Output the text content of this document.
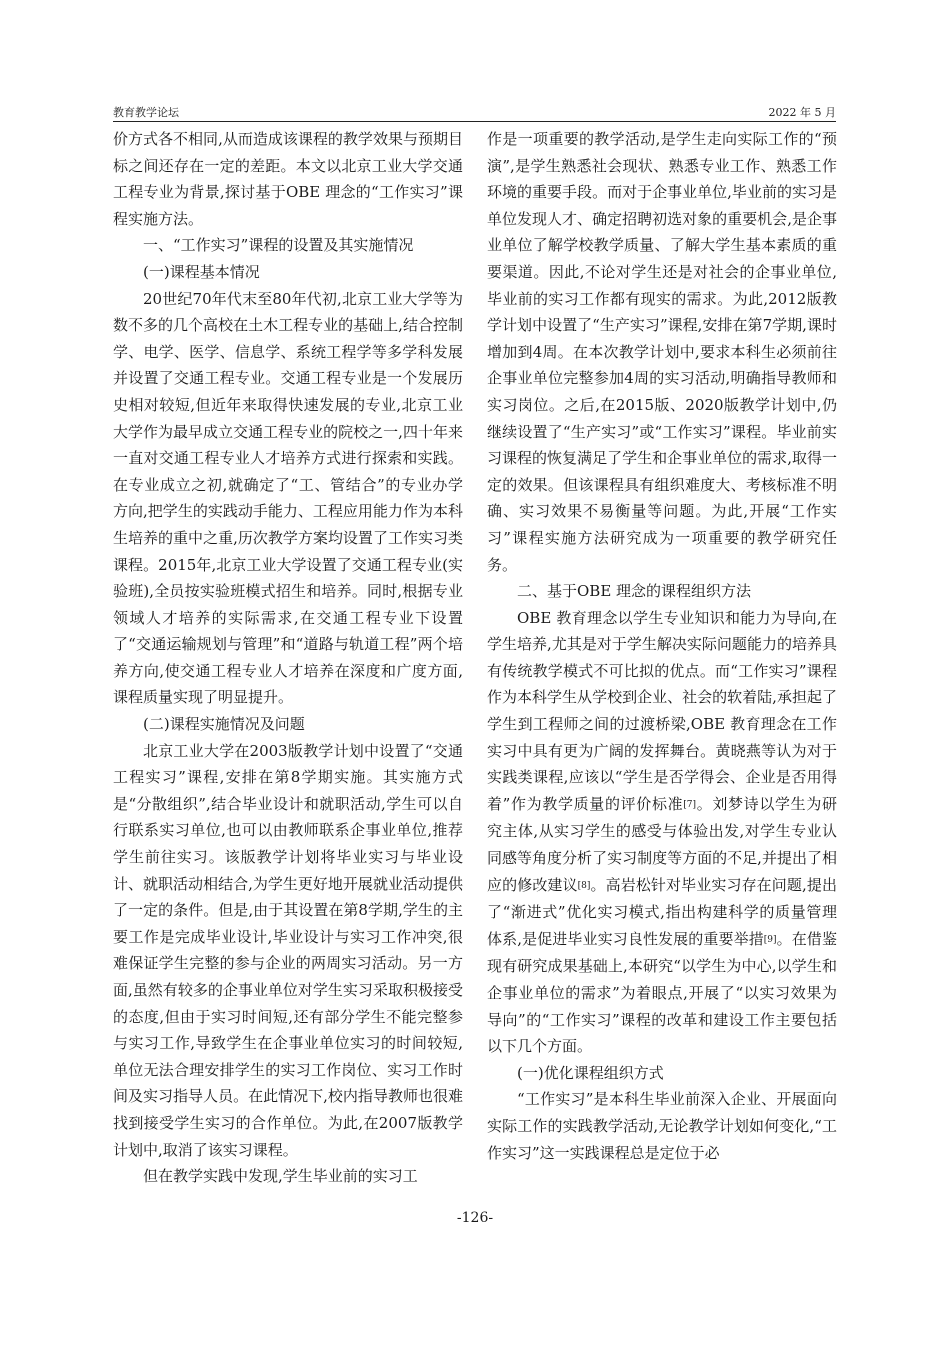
教育教学论坛	2022 年 5 月

价方式各不相同,从而造成该课程的教学效果与预期目标之间还存在一定的差距。本文以北京工业大学交通工程专业为背景,探讨基于OBE 理念的“工作实习”课程实施方法。

一、“工作实习”课程的设置及其实施情况

(一)课程基本情况

20世纪70年代末至80年代初,北京工业大学等为数不多的几个高校在土木工程专业的基础上,结合控制学、电学、医学、信息学、系统工程学等多学科发展并设置了交通工程专业。交通工程专业是一个发展历史相对较短,但近年来取得快速发展的专业,北京工业大学作为最早成立交通工程专业的院校之一,四十年来一直对交通工程专业人才培养方式进行探索和实践。在专业成立之初,就确定了“工、管结合”的专业办学方向,把学生的实践动手能力、工程应用能力作为本科生培养的重中之重,历次教学方案均设置了工作实习类课程。2015年,北京工业大学设置了交通工程专业(实验班),全员按实验班模式招生和培养。同时,根据专业领域人才培养的实际需求,在交通工程专业下设置了“交通运输规划与管理”和“道路与轨道工程”两个培养方向,使交通工程专业人才培养在深度和广度方面,课程质量实现了明显提升。

(二)课程实施情况及问题

北京工业大学在2003版教学计划中设置了“交通工程实习”课程,安排在第8学期实施。其实施方式是“分散组织”,结合毕业设计和就职活动,学生可以自行联系实习单位,也可以由教师联系企事业单位,推荐学生前往实习。该版教学计划将毕业实习与毕业设计、就职活动相结合,为学生更好地开展就业活动提供了一定的条件。但是,由于其设置在第8学期,学生的主要工作是完成毕业设计,毕业设计与实习工作冲突,很难保证学生完整的参与企业的两周实习活动。另一方面,虽然有较多的企事业单位对学生实习采取积极接受的态度,但由于实习时间短,还有部分学生不能完整参与实习工作,导致学生在企事业单位实习的时间较短,单位无法合理安排学生的实习工作岗位、实习工作时间及实习指导人员。在此情况下,校内指导教师也很难找到接受学生实习的合作单位。为此,在2007版教学计划中,取消了该实习课程。

但在教学实践中发现,学生毕业前的实习工

作是一项重要的教学活动,是学生走向实际工作的“预演”,是学生熟悉社会现状、熟悉专业工作、熟悉工作环境的重要手段。而对于企事业单位,毕业前的实习是单位发现人才、确定招聘初选对象的重要机会,是企事业单位了解学校教学质量、了解大学生基本素质的重要渠道。因此,不论对学生还是对社会的企事业单位,毕业前的实习工作都有现实的需求。为此,2012版教学计划中设置了“生产实习”课程,安排在第7学期,课时增加到4周。在本次教学计划中,要求本科生必须前往企事业单位完整参加4周的实习活动,明确指导教师和实习岗位。之后,在2015版、2020版教学计划中,仍继续设置了“生产实习”或“工作实习”课程。毕业前实习课程的恢复满足了学生和企事业单位的需求,取得一定的效果。但该课程具有组织难度大、考核标准不明确、实习效果不易衡量等问题。为此,开展“工作实习”课程实施方法研究成为一项重要的教学研究任务。

二、基于OBE 理念的课程组织方法

OBE 教育理念以学生专业知识和能力为导向,在学生培养,尤其是对于学生解决实际问题能力的培养具有传统教学模式不可比拟的优点。而“工作实习”课程作为本科学生从学校到企业、社会的软着陆,承担起了学生到工程师之间的过渡桥梁,OBE 教育理念在工作实习中具有更为广阔的发挥舞台。黄晓燕等认为对于实践类课程,应该以“学生是否学得会、企业是否用得着”作为教学质量的评价标准[7]。刘梦诗以学生为研究主体,从实习学生的感受与体验出发,对学生专业认同感等角度分析了实习制度等方面的不足,并提出了相应的修改建议[8]。高岩松针对毕业实习存在问题,提出了“渐进式”优化实习模式,指出构建科学的质量管理体系,是促进毕业实习良性发展的重要举措[9]。在借鉴现有研究成果基础上,本研究“以学生为中心,以学生和企事业单位的需求”为着眼点,开展了“以实习效果为导向”的“工作实习”课程的改革和建设工作主要包括以下几个方面。

(一)优化课程组织方式

“工作实习”是本科生毕业前深入企业、开展面向实际工作的实践教学活动,无论教学计划如何变化,“工作实习”这一实践课程总是定位于必

-126-
